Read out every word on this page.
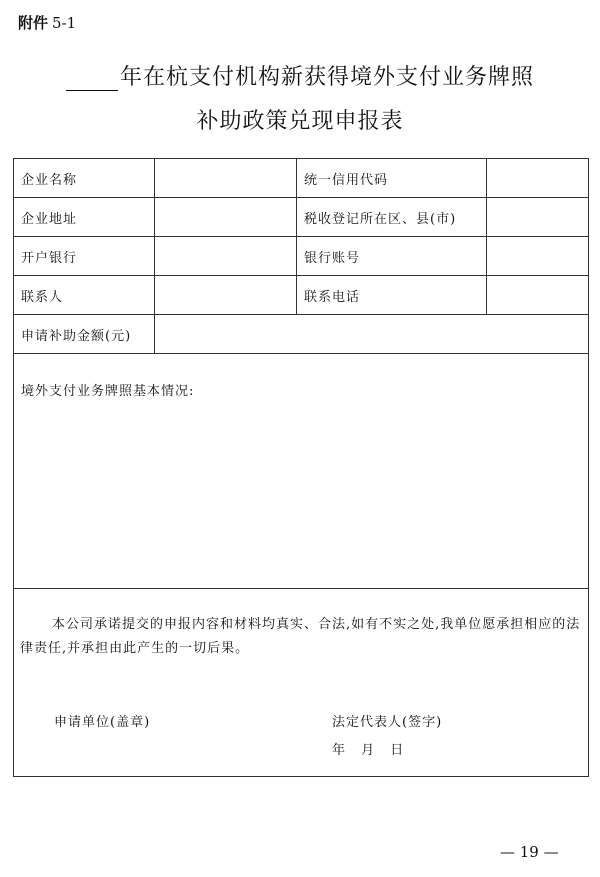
附件 5-1
年在杭支付机构新获得境外支付业务牌照
补助政策兑现申报表
企业名称		统一信用代码	
企业地址		税收登记所在区、县(市)	
开户银行		银行账号	
联系人		联系电话	
申请补助金额(元)			
境外支付业务牌照基本情况:			

本公司承诺提交的申报内容和材料均真实、合法,如有不实之处,我单位愿承担相应的法律责任,并承担由此产生的一切后果。
申请单位(盖章) 法定代表人(签字)
年 月 日			
— 19 —
